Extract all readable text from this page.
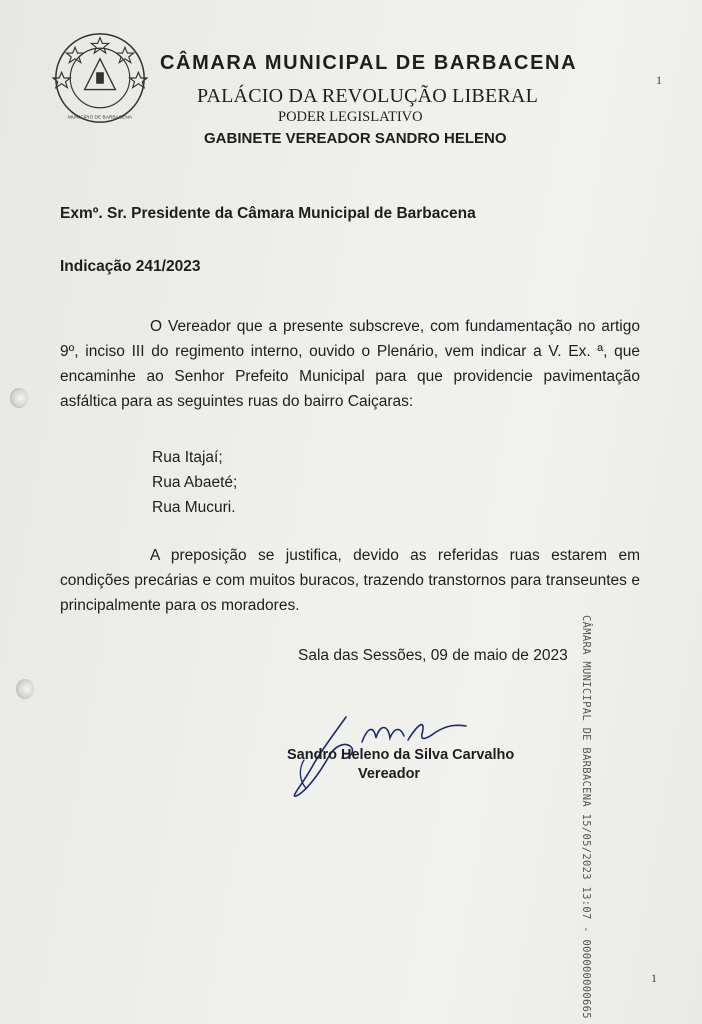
MUNICÍPIO DE BARBACENA
CÂMARA MUNICIPAL DE BARBACENA
PALÁCIO DA REVOLUÇÃO LIBERAL
PODER LEGISLATIVO
GABINETE VEREADOR SANDRO HELENO
1
Exmº. Sr. Presidente da Câmara Municipal de Barbacena
Indicação 241/2023
O Vereador que a presente subscreve, com fundamentação no artigo 9º, inciso III do regimento interno, ouvido o Plenário, vem indicar a V. Ex. ª, que encaminhe ao Senhor Prefeito Municipal para que providencie pavimentação asfáltica para as seguintes ruas do bairro Caiçaras:
Rua Itajaí;
Rua Abaeté;
Rua Mucuri.
A preposição se justifica, devido as referidas ruas estarem em condições precárias e com muitos buracos, trazendo transtornos para transeuntes e principalmente para os moradores.
Sala das Sessões, 09 de maio de 2023
Sandro Heleno da Silva Carvalho
Vereador	CÂMARA MUNICIPAL DE BARBACENA 15/05/2023 13:07 - 000000000665	1
